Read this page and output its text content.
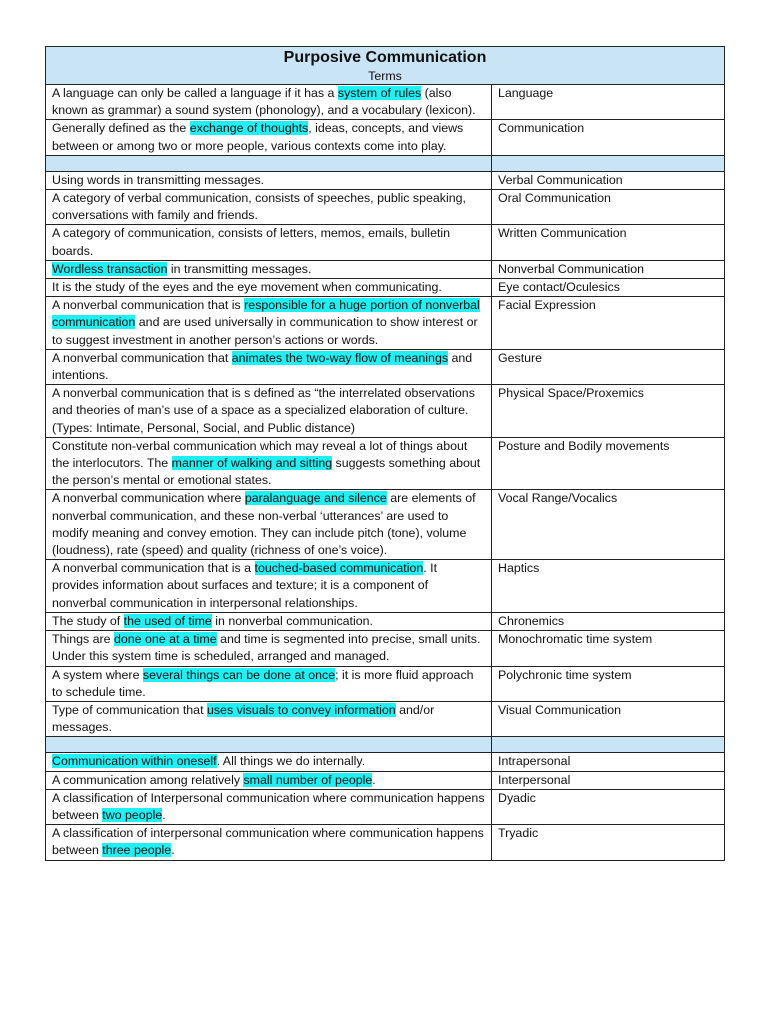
Purposive Communication
Terms	

A language can only be called a language if it has a system of rules (also known as grammar) a sound system (phonology), and a vocabulary (lexicon).	Language
Generally defined as the exchange of thoughts, ideas, concepts, and views between or among two or more people, various contexts come into play.	Communication

Using words in transmitting messages.	Verbal Communication
A category of verbal communication, consists of speeches, public speaking, conversations with family and friends.	Oral Communication
A category of communication, consists of letters, memos, emails, bulletin boards.	Written Communication
Wordless transaction in transmitting messages.	Nonverbal Communication
It is the study of the eyes and the eye movement when communicating.	Eye contact/Oculesics
A nonverbal communication that is responsible for a huge portion of nonverbal communication and are used universally in communication to show interest or to suggest investment in another person’s actions or words.	Facial Expression
A nonverbal communication that animates the two-way flow of meanings and intentions.	Gesture
A nonverbal communication that is s defined as “the interrelated observations and theories of man’s use of a space as a specialized elaboration of culture. (Types: Intimate, Personal, Social, and Public distance)	Physical Space/Proxemics
Constitute non-verbal communication which may reveal a lot of things about the interlocutors. The manner of walking and sitting suggests something about the person’s mental or emotional states.	Posture and Bodily movements
A nonverbal communication where paralanguage and silence are elements of nonverbal communication, and these non-verbal ‘utterances’ are used to modify meaning and convey emotion. They can include pitch (tone), volume (loudness), rate (speed) and quality (richness of one’s voice).	Vocal Range/Vocalics
A nonverbal communication that is a touched-based communication. It provides information about surfaces and texture; it is a component of nonverbal communication in interpersonal relationships.	Haptics
The study of the used of time in nonverbal communication.	Chronemics
Things are done one at a time and time is segmented into precise, small units. Under this system time is scheduled, arranged and managed.	Monochromatic time system
A system where several things can be done at once; it is more fluid approach to schedule time.	Polychronic time system
Type of communication that uses visuals to convey information and/or messages.	Visual Communication

Communication within oneself. All things we do internally.	Intrapersonal
A communication among relatively small number of people.	Interpersonal
A classification of Interpersonal communication where communication happens between two people.	Dyadic
A classification of interpersonal communication where communication happens between three people.	Tryadic
